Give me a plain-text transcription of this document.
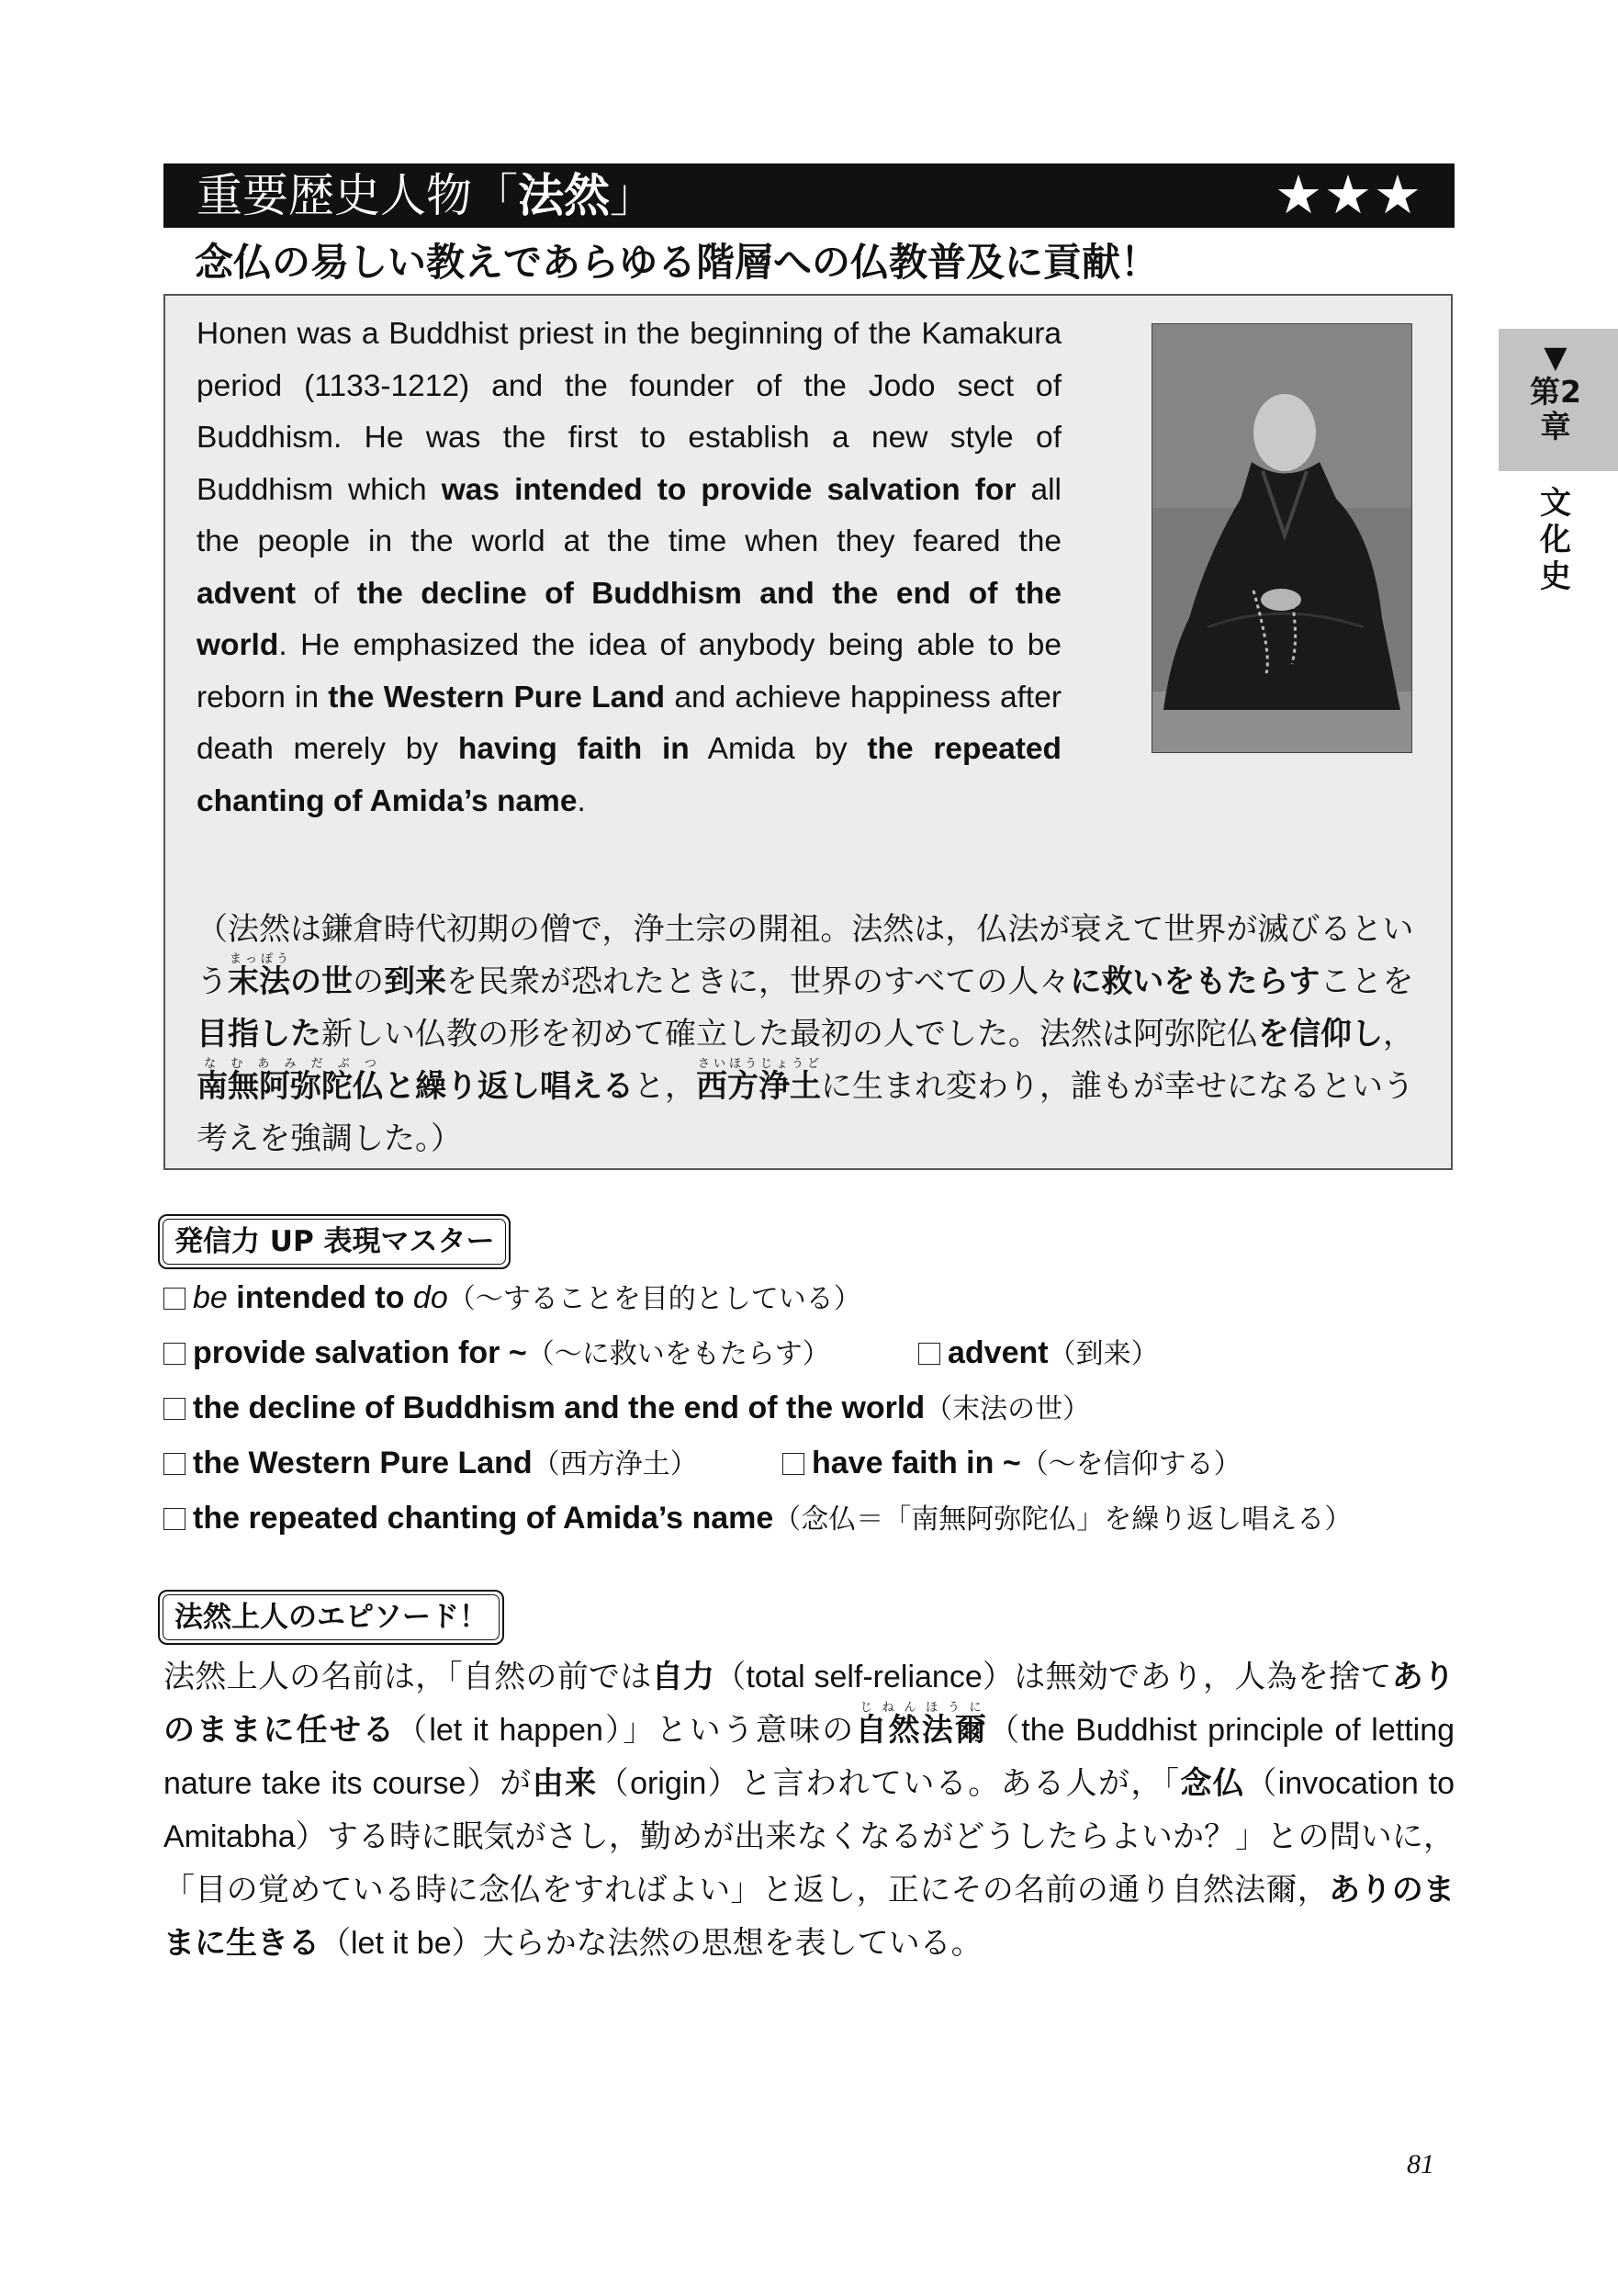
重要歴史人物「法然」	★★★
念仏の易しい教えであらゆる階層への仏教普及に貢献！
▼第2章
文化史
Honen was a Buddhist priest in the beginning of the Kamakura period (1133-1212) and the founder of the Jodo sect of Buddhism. He was the first to establish a new style of Buddhism which was intended to provide salvation for all the people in the world at the time when they feared the advent of the decline of Buddhism and the end of the world. He emphasized the idea of anybody being able to be reborn in the Western Pure Land and achieve happiness after death merely by having faith in Amida by the repeated chanting of Amida’s name.
（法然は鎌倉時代初期の僧で，浄土宗の開祖。法然は，仏法が衰えて世界が滅びるという末法まっぽうの世の到来を民衆が恐れたときに，世界のすべての人々に救いをもたらすことを目指した新しい仏教の形を初めて確立した最初の人でした。法然は阿弥陀仏を信仰し，南無阿弥陀仏なむあみだぶつと繰り返し唱えると，西方浄土さいほうじょうどに生まれ変わり，誰もが幸せになるという考えを強調した。）
発信力 UP 表現マスター
be intended to do（～することを目的としている）
provide salvation for ~（～に救いをもたらす）	advent（到来）
the decline of Buddhism and the end of the world（末法の世）
the Western Pure Land（西方浄土）	have faith in ~（～を信仰する）
the repeated chanting of Amida’s name（念仏＝「南無阿弥陀仏」を繰り返し唱える）
法然上人のエピソード！
法然上人の名前は，「自然の前では自力（total self-reliance）は無効であり，人為を捨てありのままに任せる（let it happen）」という意味の自然法爾じねんほうに（the Buddhist principle of letting nature take its course）が由来（origin）と言われている。ある人が，「念仏（invocation to Amitabha）する時に眠気がさし，勤めが出来なくなるがどうしたらよいか？」との問いに，「目の覚めている時に念仏をすればよい」と返し，正にその名前の通り自然法爾，ありのままに生きる（let it be）大らかな法然の思想を表している。
81
